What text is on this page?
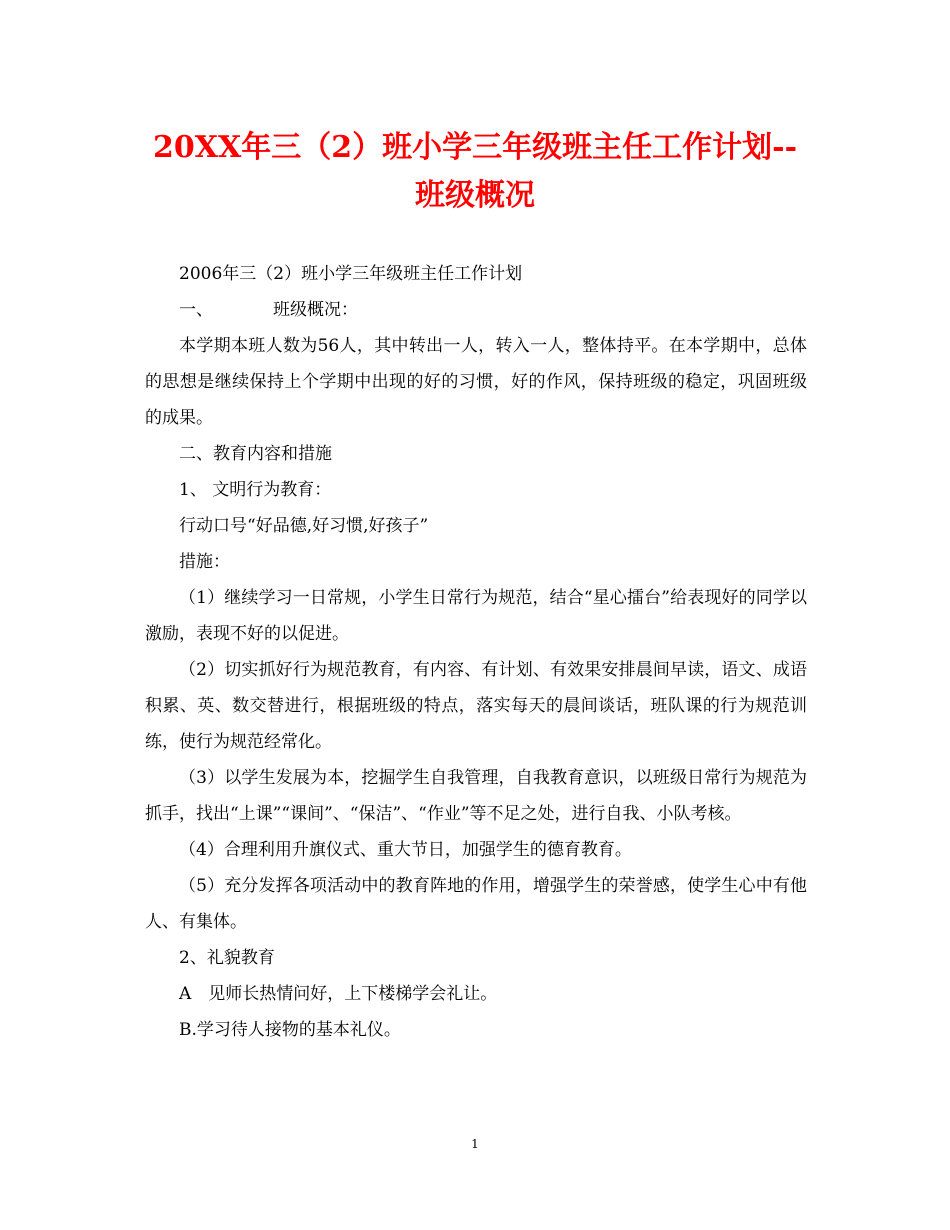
20XX年三（2）班小学三年级班主任工作计划--班级概况

2006年三（2）班小学三年级班主任工作计划

一、	班级概况：

本学期本班人数为56人，其中转出一人，转入一人，整体持平。在本学期中，总体的思想是继续保持上个学期中出现的好的习惯，好的作风，保持班级的稳定，巩固班级的成果。

二、教育内容和措施

1、 文明行为教育：

行动口号“好品德,好习惯,好孩子”

措施：

（1）继续学习一日常规，小学生日常行为规范，结合“星心擂台”给表现好的同学以激励，表现不好的以促进。

（2）切实抓好行为规范教育，有内容、有计划、有效果安排晨间早读，语文、成语积累、英、数交替进行，根据班级的特点，落实每天的晨间谈话，班队课的行为规范训练，使行为规范经常化。

（3）以学生发展为本，挖掘学生自我管理，自我教育意识，以班级日常行为规范为抓手，找出“上课”“课间”、“保洁”、“作业”等不足之处，进行自我、小队考核。

（4）合理利用升旗仪式、重大节日，加强学生的德育教育。

（5）充分发挥各项活动中的教育阵地的作用，增强学生的荣誉感，使学生心中有他人、有集体。

2、礼貌教育

A　见师长热情问好，上下楼梯学会礼让。

B.学习待人接物的基本礼仪。

1
